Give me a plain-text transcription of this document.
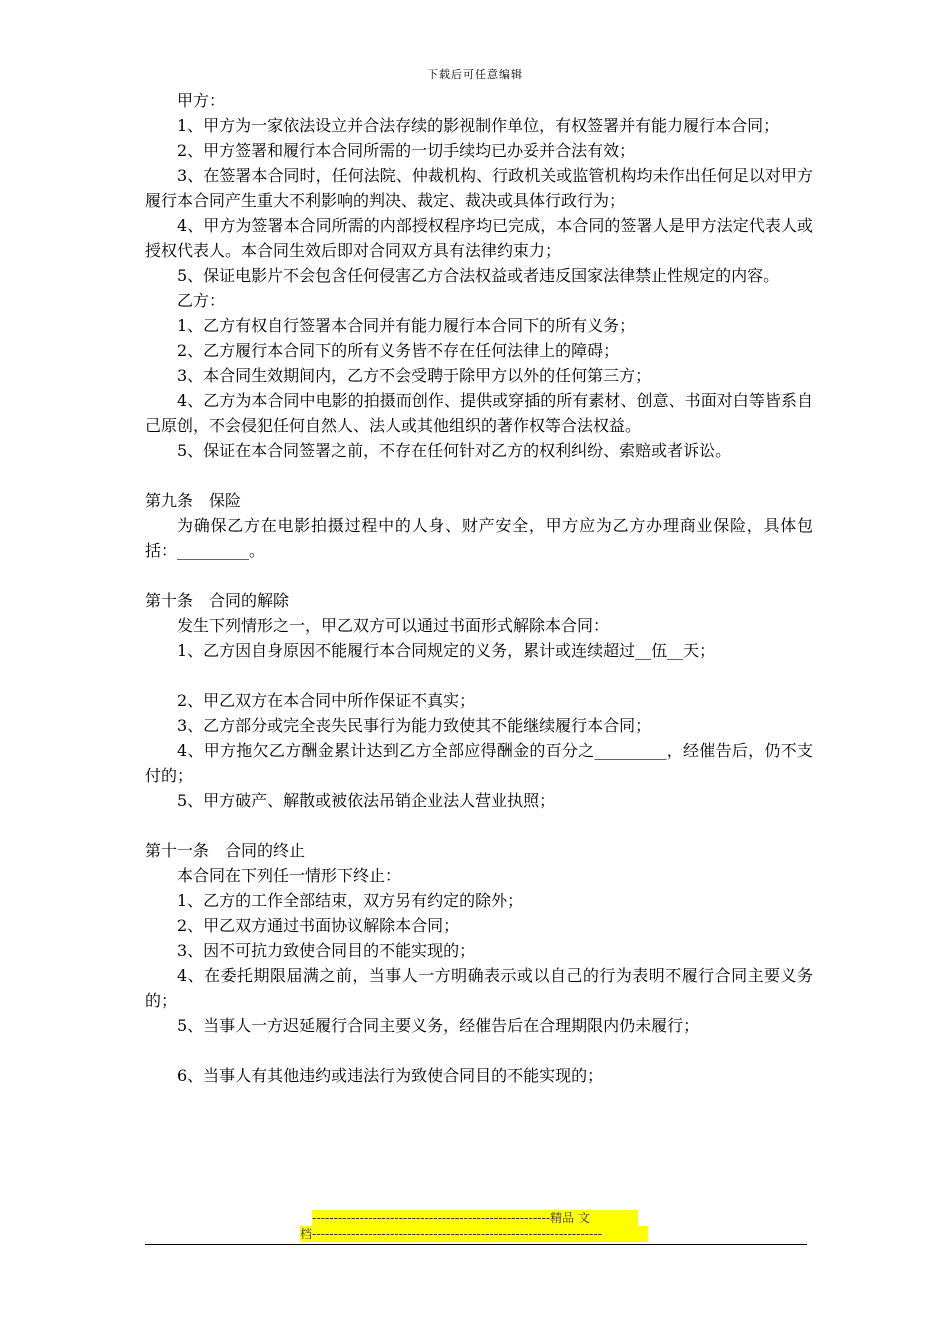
下载后可任意编辑

甲方：

1、甲方为一家依法设立并合法存续的影视制作单位，有权签署并有能力履行本合同；

2、甲方签署和履行本合同所需的一切手续均已办妥并合法有效；

3、在签署本合同时，任何法院、仲裁机构、行政机关或监管机构均未作出任何足以对甲方履行本合同产生重大不利影响的判决、裁定、裁决或具体行政行为；

4、甲方为签署本合同所需的内部授权程序均已完成，本合同的签署人是甲方法定代表人或授权代表人。本合同生效后即对合同双方具有法律约束力；

5、保证电影片不会包含任何侵害乙方合法权益或者违反国家法律禁止性规定的内容。

乙方：

1、乙方有权自行签署本合同并有能力履行本合同下的所有义务；

2、乙方履行本合同下的所有义务皆不存在任何法律上的障碍；

3、本合同生效期间内，乙方不会受聘于除甲方以外的任何第三方；

4、乙方为本合同中电影的拍摄而创作、提供或穿插的所有素材、创意、书面对白等皆系自己原创，不会侵犯任何自然人、法人或其他组织的著作权等合法权益。

5、保证在本合同签署之前，不存在任何针对乙方的权利纠纷、索赔或者诉讼。

第九条　保险

为确保乙方在电影拍摄过程中的人身、财产安全，甲方应为乙方办理商业保险，具体包括：_________。

第十条　合同的解除

发生下列情形之一，甲乙双方可以通过书面形式解除本合同：

1、乙方因自身原因不能履行本合同规定的义务，累计或连续超过__伍__天；

2、甲乙双方在本合同中所作保证不真实；

3、乙方部分或完全丧失民事行为能力致使其不能继续履行本合同；

4、甲方拖欠乙方酬金累计达到乙方全部应得酬金的百分之_________，经催告后，仍不支付的；

5、甲方破产、解散或被依法吊销企业法人营业执照；

第十一条　合同的终止

本合同在下列任一情形下终止：

1、乙方的工作全部结束，双方另有约定的除外；

2、甲乙双方通过书面协议解除本合同；

3、因不可抗力致使合同目的不能实现的；

4、在委托期限届满之前，当事人一方明确表示或以自己的行为表明不履行合同主要义务的；

5、当事人一方迟延履行合同主要义务，经催告后在合理期限内仍未履行；

6、当事人有其他违约或违法行为致使合同目的不能实现的；

-------------------------------------------------------精品 文
档-------------------------------------------------------------------
